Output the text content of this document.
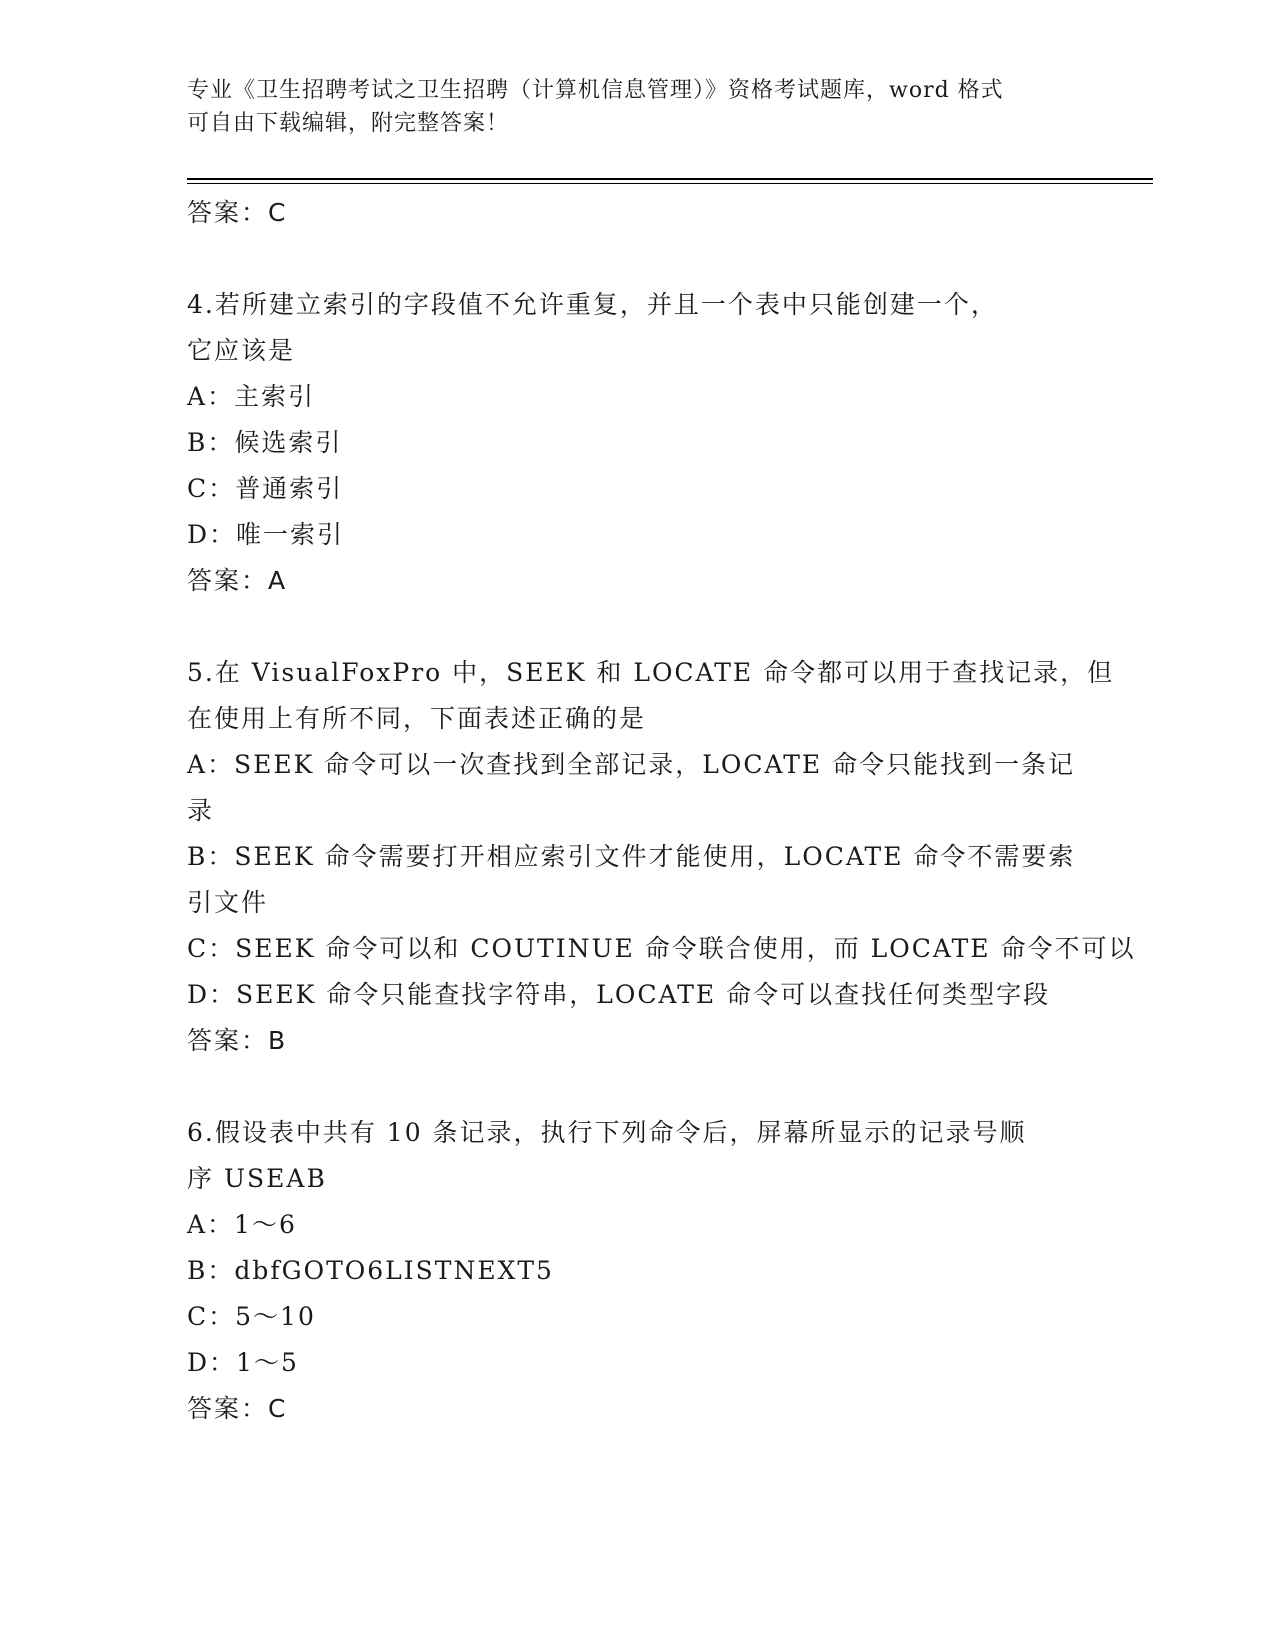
专业《卫生招聘考试之卫生招聘（计算机信息管理）》资格考试题库，word 格式
可自由下载编辑，附完整答案！

答案：C

4.若所建立索引的字段值不允许重复，并且一个表中只能创建一个，

它应该是

A：主索引

B：候选索引

C：普通索引

D：唯一索引

答案：A

5.在 VisualFoxPro 中，SEEK 和 LOCATE 命令都可以用于查找记录，但

在使用上有所不同，下面表述正确的是

A：SEEK 命令可以一次查找到全部记录，LOCATE 命令只能找到一条记

录

B：SEEK 命令需要打开相应索引文件才能使用，LOCATE 命令不需要索

引文件

C：SEEK 命令可以和 COUTINUE 命令联合使用，而 LOCATE 命令不可以

D：SEEK 命令只能查找字符串，LOCATE 命令可以查找任何类型字段

答案：B

6.假设表中共有 10 条记录，执行下列命令后，屏幕所显示的记录号顺

序 USEAB

A：1～6

B：dbfGOTO6LISTNEXT5

C：5～10

D：1～5

答案：C
